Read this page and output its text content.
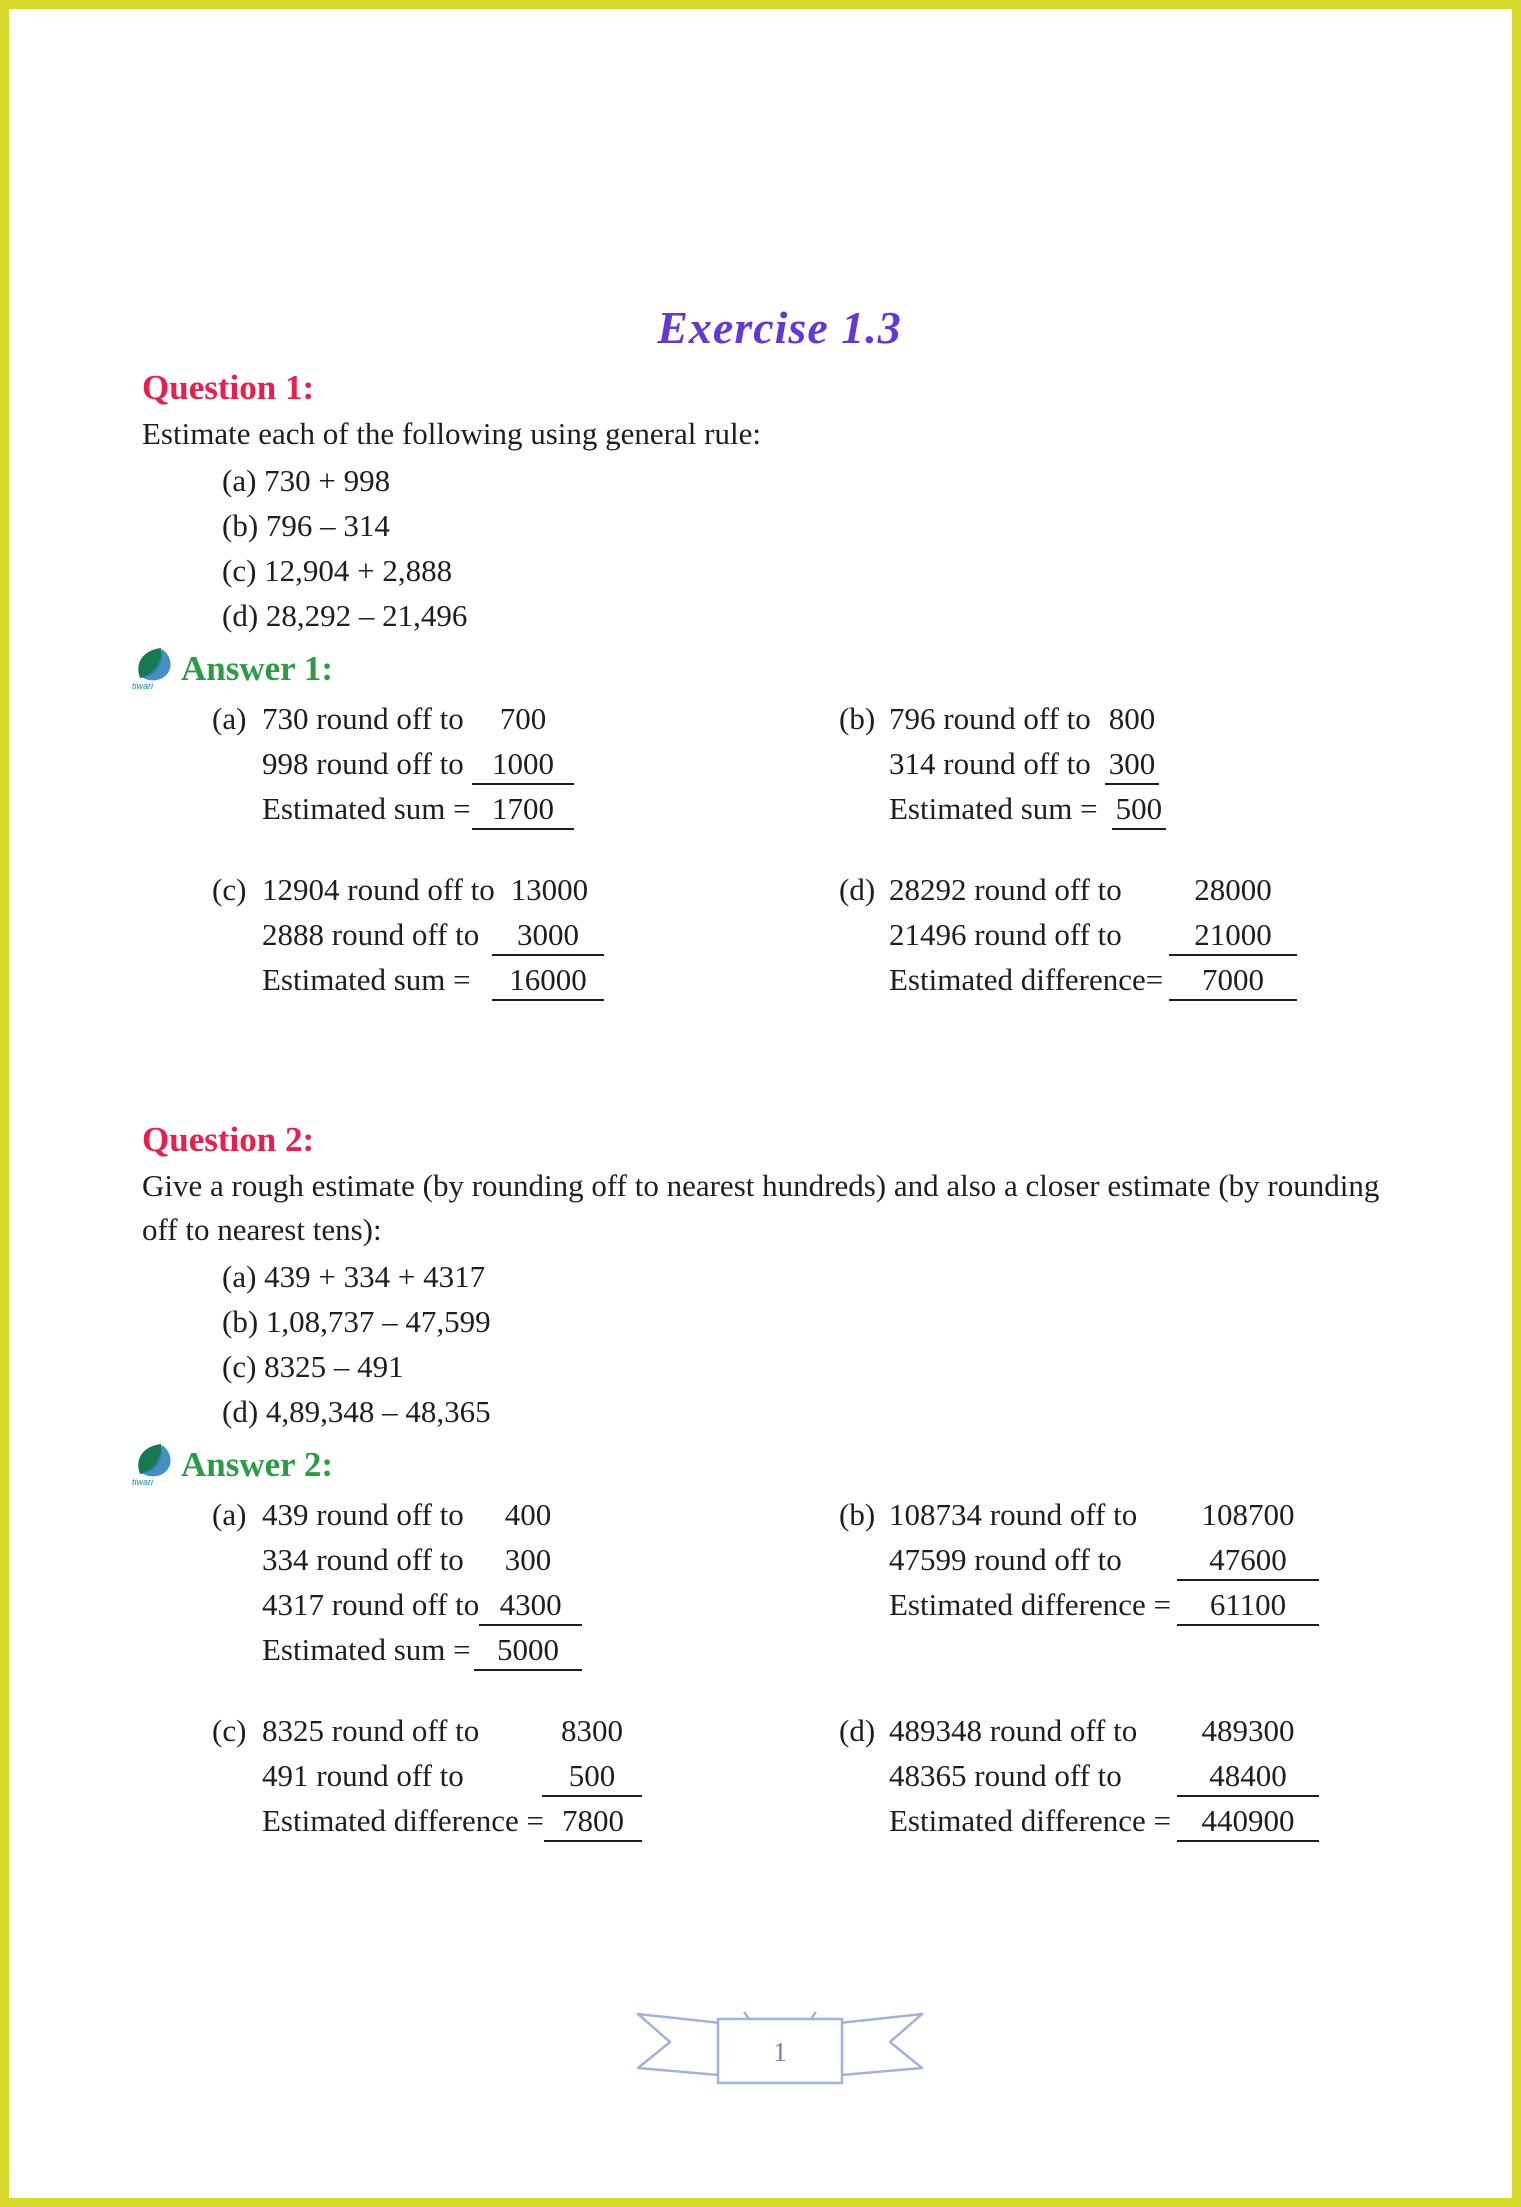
Exercise 1.3
Question 1:

Estimate each of the following using general rule:

(a) 730 + 998
(b) 796 – 314
(c) 12,904 + 2,888
(d) 28,292 – 21,496
tiwari Answer 1:
(a) 730 round off to	700
998 round off to 1000
Estimated sum = 1700
(b) 796 round off to 800
314 round off to 300
Estimated sum = 500
(c) 12904 round off to 13000
2888 round off to	3000
Estimated sum =	16000
(d) 28292 round off to	28000
21496 round off to	21000
Estimated difference=	7000
Question 2:

Give a rough estimate (by rounding off to nearest hundreds) and also a closer estimate (by rounding off to nearest tens):

(a) 439 + 334 + 4317
(b) 1,08,737 – 47,599
(c) 8325 – 491
(d) 4,89,348 – 48,365
tiwari Answer 2:
(a) 439 round off to	400
334 round off to	300
4317 round off to 4300
Estimated sum = 5000
(b) 108734 round off to	108700
47599 round off to	47600
Estimated difference =	61100
(c) 8325 round off to	8300
491 round off to	500
Estimated difference = 7800
(d) 489348 round off to	489300
48365 round off to	48400
Estimated difference = 440900
1
